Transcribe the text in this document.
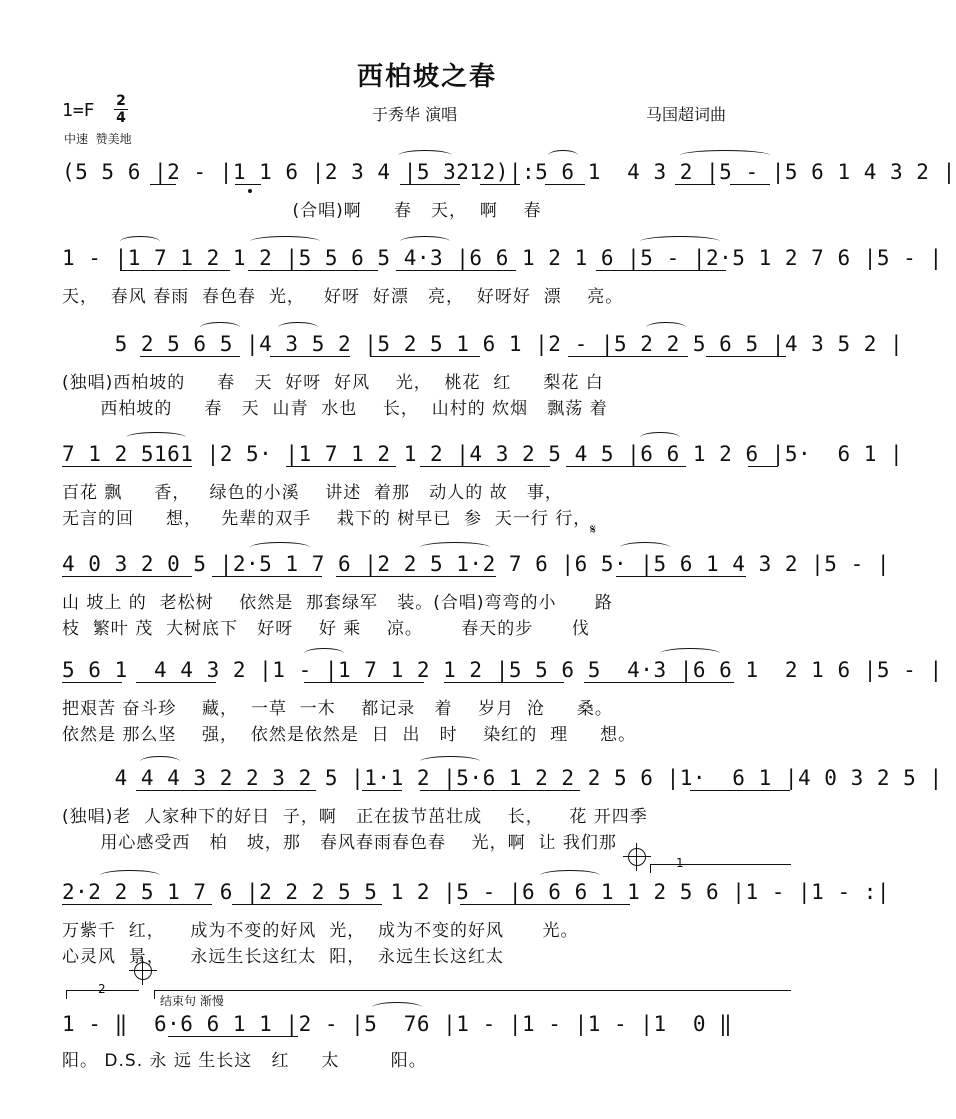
西柏坡之春
1=F 2
4
中速  赞美地
于秀华 演唱	马国超词曲
(5 5 6 |2 - |1 1 6 |2 3 4 |5 3212)|:5 6 1  4 3 2 |5 - |5 6 1 4 3 2 |
(合唱)啊     春   天，  啊    春
1 - |1 7 1 2 1 2 |5 5 6 5 4·3 |6 6 1 2 1 6 |5 - |2·5 1 2 7 6 |5 - |
天，  春风 春雨  春色春  光，   好呀  好漂   亮，  好呀好  漂    亮。
5 2 5 6 5 |4 3 5 2 |5 2 5 1 6 1 |2 - |5 2 2 5 6 5 |4 3 5 2 |
(独唱)西柏坡的     春   天  好呀  好风    光，  桃花  红     梨花 白
西柏坡的     春   天  山青  水也    长，  山村的 炊烟   飘荡 着
7 1 2 5161 |2 5· |1 7 1 2 1 2 |4 3 2 5 4 5 |6 6 1 2 6 |5·  6 1 |
百花 飘     香，   绿色的小溪    讲述  着那   动人的 故   事，
无言的回     想，   先辈的双手    栽下的 树早已  参  天一行 行，
𝄋
4 0 3 2 0 5 |2·5 1 7 6 |2 2 5 1·2 7 6 |6 5· |5 6 1 4 3 2 |5 - |
山 坡上 的  老松树    依然是  那套绿军   装。(合唱)弯弯的小      路
枝  繁叶 茂  大树底下   好呀    好 乘    凉。      春天的步      伐
5 6 1  4 4 3 2 |1 - |1 7 1 2 1 2 |5 5 6 5  4·3 |6 6 1  2 1 6 |5 - |
把艰苦 奋斗珍    藏，  一草  一木    都记录   着    岁月  沧     桑。
依然是 那么坚    强，  依然是依然是  日  出   时    染红的  理     想。
4 4 4 3 2 2 3 2 5 |1·1 2 |5·6 1 2 2 2 5 6 |1·  6 1 |4 0 3 2 5 |
(独唱)老  人家种下的好日  子，啊   正在拔节茁壮成    长，    花 开四季
用心感受西   柏   坡，那   春风春雨春色春    光，啊  让 我们那
1
2·2 2 5 1 7 6 |2 2 2 5 5 1 2 |5 - |6 6 6 1 1 2 5 6 |1 - |1 - :|
万紫千  红，    成为不变的好风  光，  成为不变的好风      光。
心灵风  景，    永远生长这红太  阳，  永远生长这红太
2
结束句 渐慢
1 - ‖  6·6 6 1 1 |2 - |5  76 |1 - |1 - |1 - |1  0 ‖
阳。 D.S. 永 远 生长这   红     太        阳。
